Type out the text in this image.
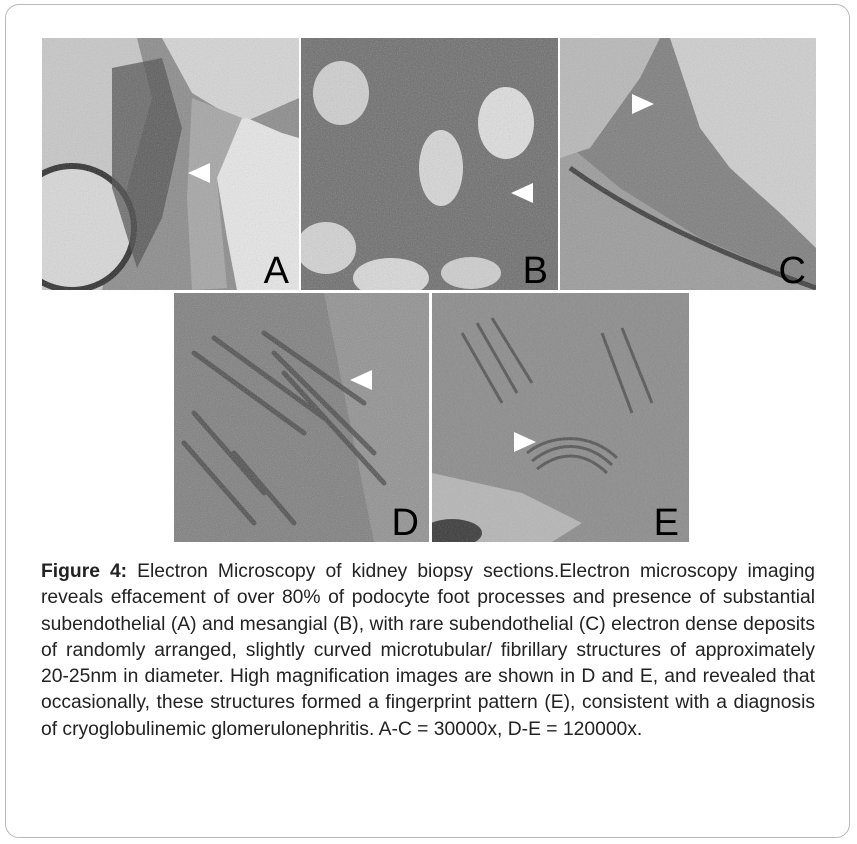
A	B	C
D	E
Figure 4: Electron Microscopy of kidney biopsy sections.Electron microscopy imaging reveals effacement of over 80% of podocyte foot processes and presence of substantial subendothelial (A) and mesangial (B), with rare subendothelial (C) electron dense deposits of randomly arranged, slightly curved microtubular/ fibrillary structures of approximately 20-25nm in diameter. High magnification images are shown in D and E, and revealed that occasionally, these structures formed a fingerprint pattern (E), consistent with a diagnosis of cryoglobulinemic glomerulonephritis. A-C = 30000x, D-E = 120000x.
